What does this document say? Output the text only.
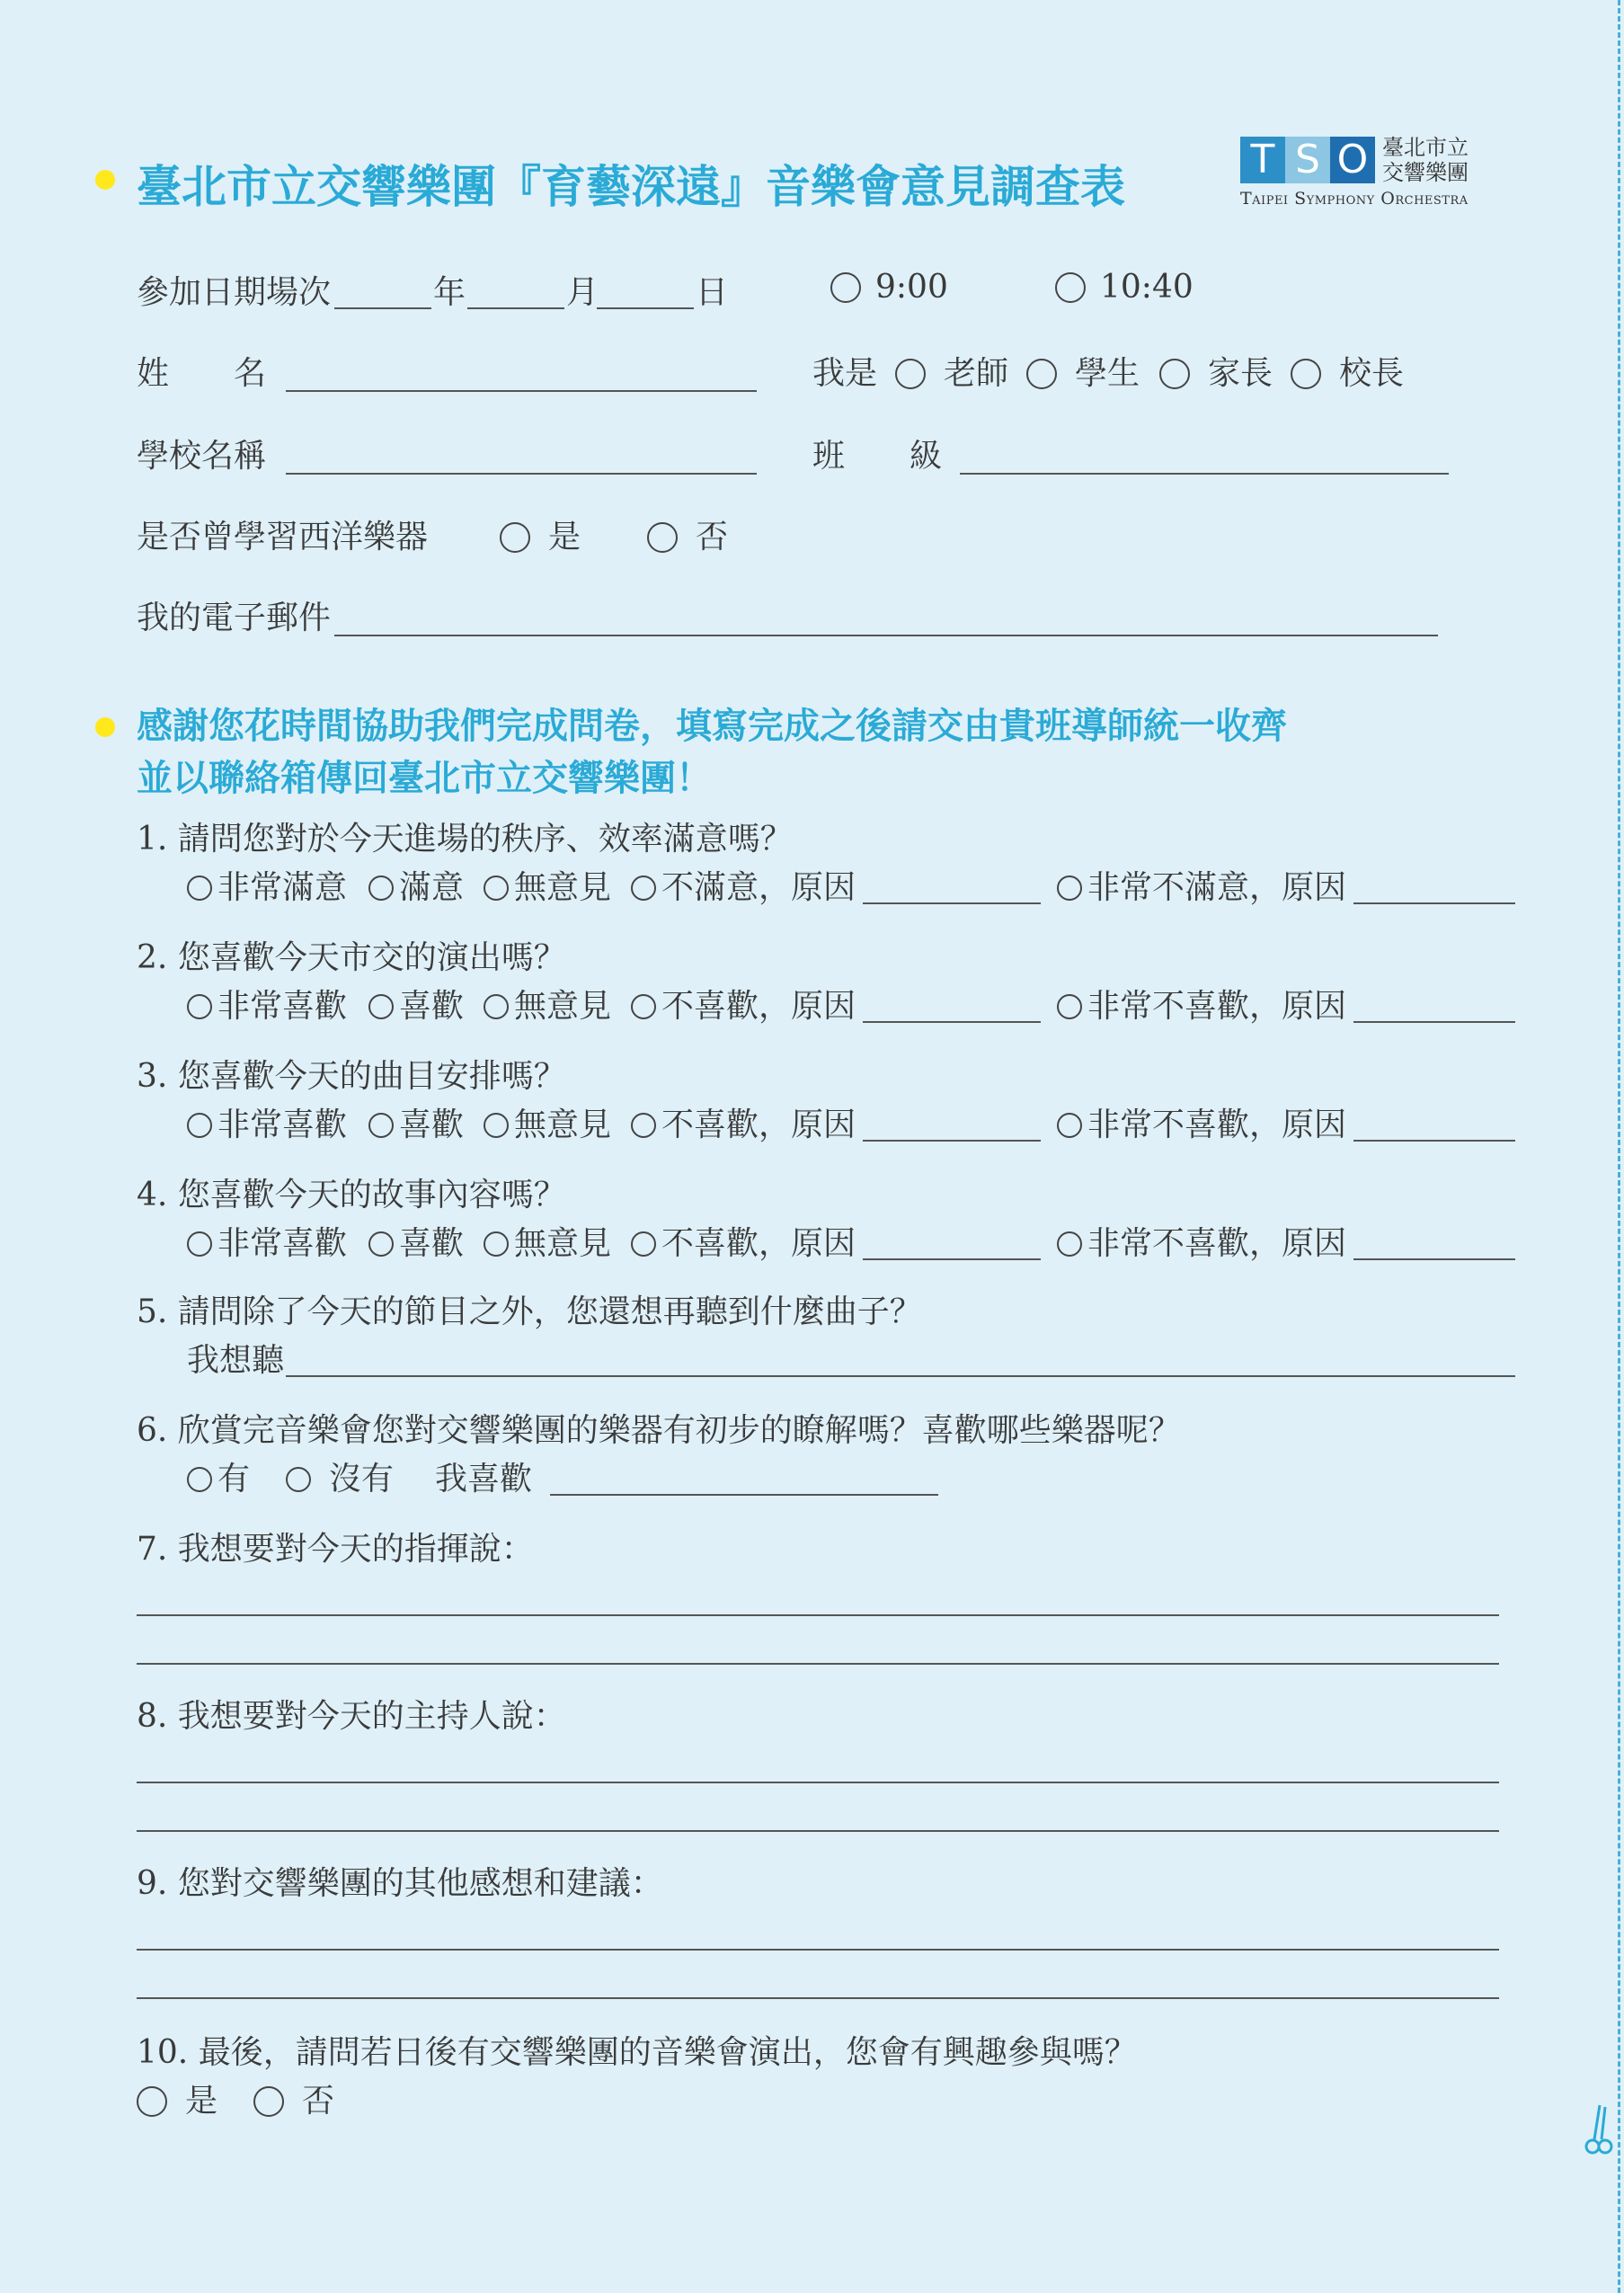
臺北市立交響樂團『育藝深遠』音樂會意見調查表
T S O 臺北市立
交響樂團
Taipei Symphony Orchestra
參加日期場次	年	月	日	9:00	10:40
姓　　名	我是 老師 學生 家長 校長
學校名稱	班　　級
是否曾學習西洋樂器	是	否
我的電子郵件
感謝您花時間協助我們完成問卷，填寫完成之後請交由貴班導師統一收齊
並以聯絡箱傳回臺北市立交響樂團！
1. 請問您對於今天進場的秩序、效率滿意嗎？
非常滿意 滿意 無意見 不滿意，原因	非常不滿意，原因
2. 您喜歡今天市交的演出嗎？
非常喜歡 喜歡 無意見 不喜歡，原因	非常不喜歡，原因
3. 您喜歡今天的曲目安排嗎？
非常喜歡 喜歡 無意見 不喜歡，原因	非常不喜歡，原因
4. 您喜歡今天的故事內容嗎？
非常喜歡 喜歡 無意見 不喜歡，原因	非常不喜歡，原因
5. 請問除了今天的節目之外，您還想再聽到什麼曲子？
我想聽
6. 欣賞完音樂會您對交響樂團的樂器有初步的瞭解嗎？喜歡哪些樂器呢？
有 沒有 我喜歡
7. 我想要對今天的指揮說：
8. 我想要對今天的主持人說：
9. 您對交響樂團的其他感想和建議：
10. 最後，請問若日後有交響樂團的音樂會演出，您會有興趣參與嗎？
是	否
